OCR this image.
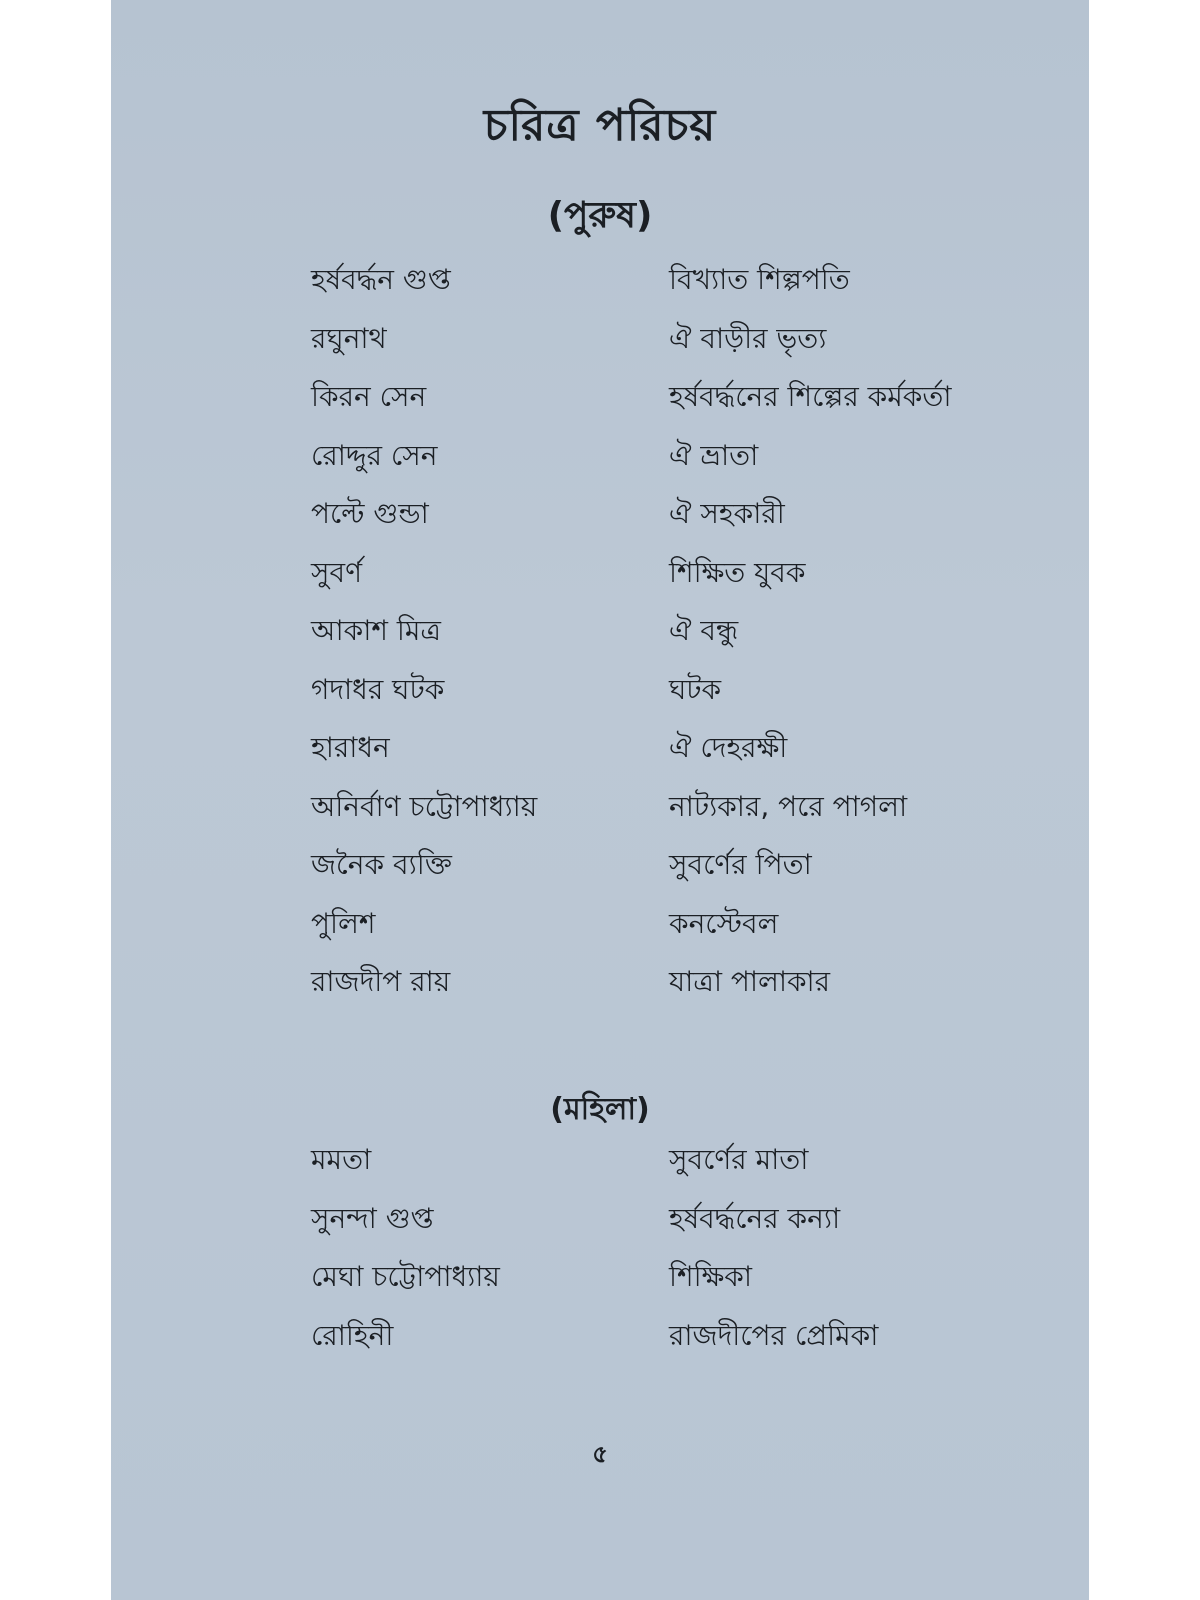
চরিত্র পরিচয়
(পুরুষ)
হর্ষবর্দ্ধন গুপ্ত	বিখ্যাত শিল্পপতি
রঘুনাথ	ঐ বাড়ীর ভৃত্য
কিরন সেন	হর্ষবর্দ্ধনের শিল্পের কর্মকর্তা
রোদ্দুর সেন	ঐ ভ্রাতা
পল্টে গুন্ডা	ঐ সহকারী
সুবর্ণ	শিক্ষিত যুবক
আকাশ মিত্র	ঐ বন্ধু
গদাধর ঘটক	ঘটক
হারাধন	ঐ দেহরক্ষী
অনির্বাণ চট্টোপাধ্যায়	নাট্যকার, পরে পাগলা
জনৈক ব্যক্তি	সুবর্ণের পিতা
পুলিশ	কনস্টেবল
রাজদীপ রায়	যাত্রা পালাকার
(মহিলা)
মমতা	সুবর্ণের মাতা
সুনন্দা গুপ্ত	হর্ষবর্দ্ধনের কন্যা
মেঘা চট্টোপাধ্যায়	শিক্ষিকা
রোহিনী	রাজদীপের প্রেমিকা
৫
